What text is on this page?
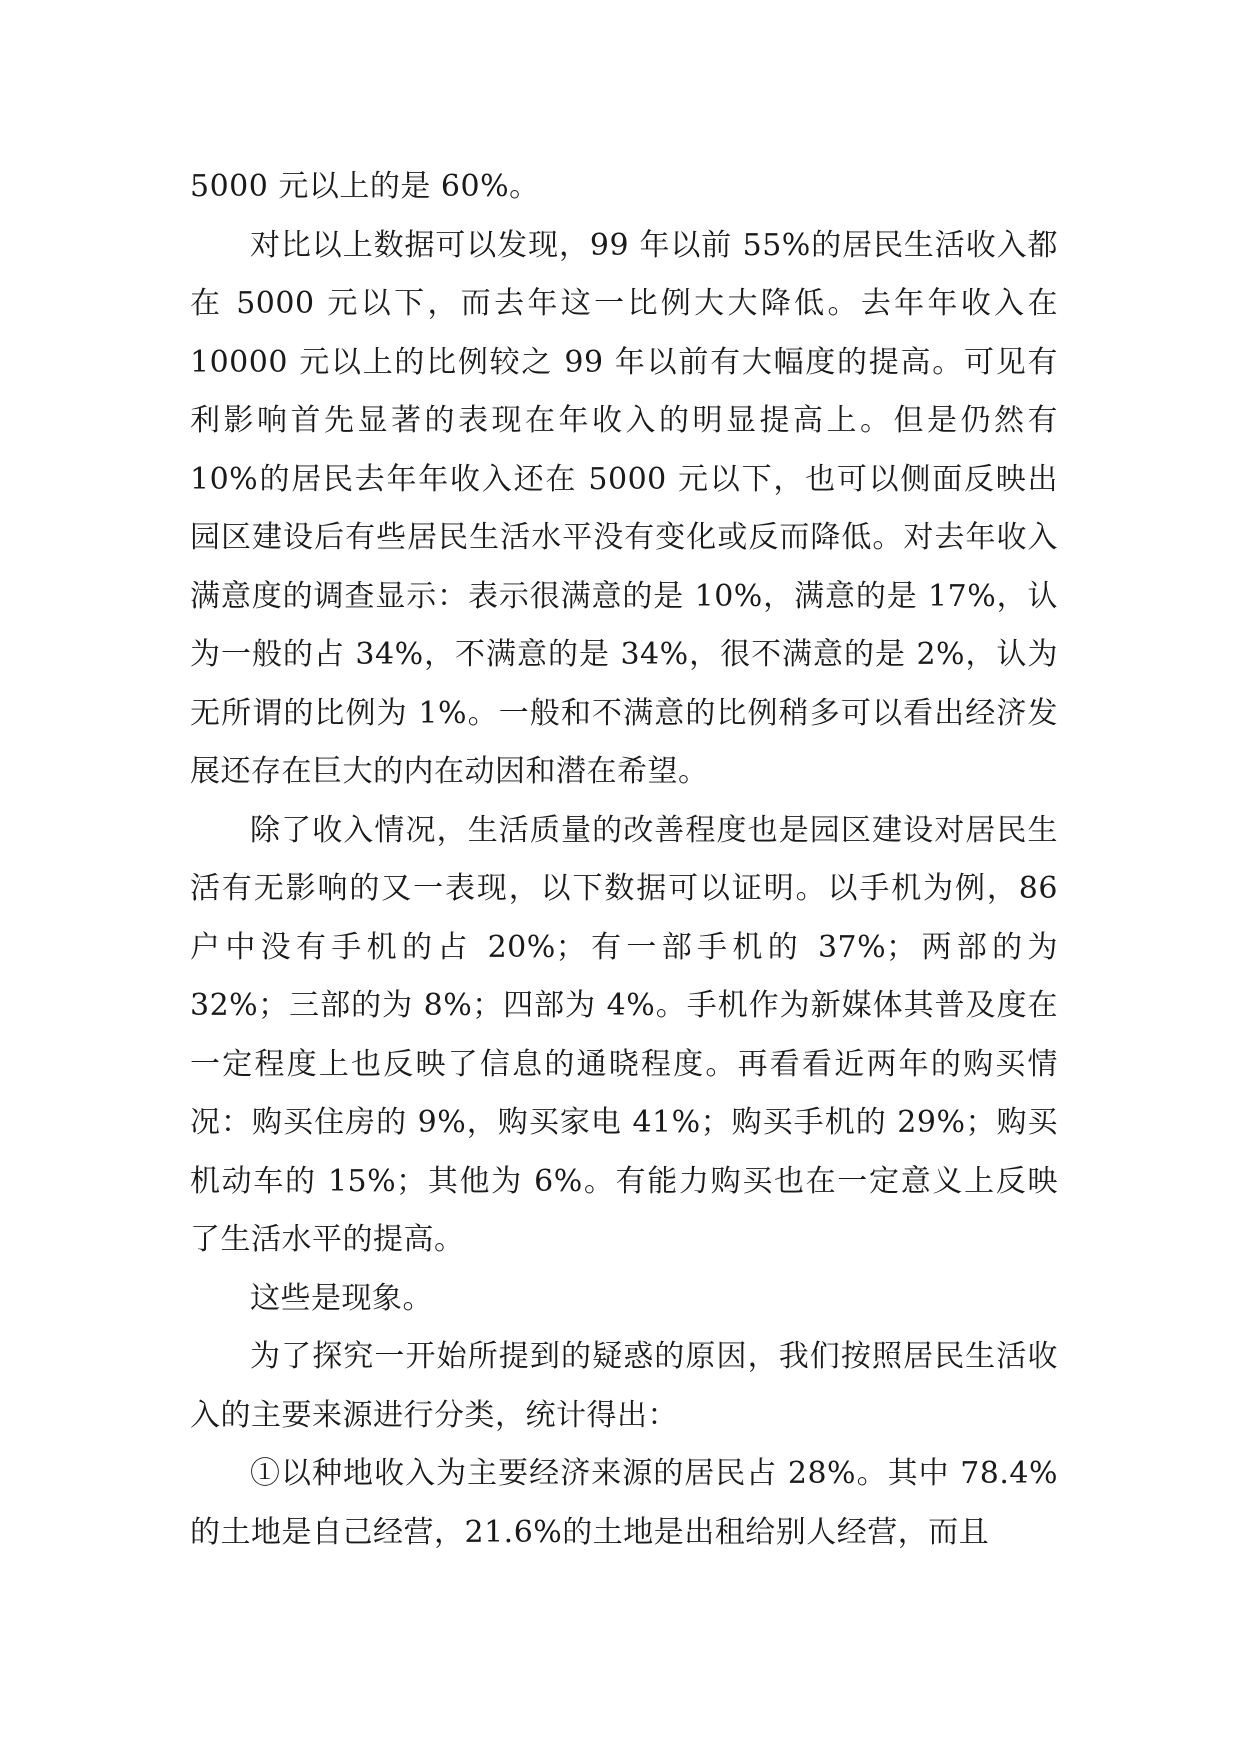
5000 元以上的是 60%。

对比以上数据可以发现，99 年以前 55%的居民生活收入都在 5000 元以下，而去年这一比例大大降低。去年年收入在 10000 元以上的比例较之 99 年以前有大幅度的提高。可见有利影响首先显著的表现在年收入的明显提高上。但是仍然有 10%的居民去年年收入还在 5000 元以下，也可以侧面反映出园区建设后有些居民生活水平没有变化或反而降低。对去年收入满意度的调查显示：表示很满意的是 10%，满意的是 17%，认为一般的占 34%，不满意的是 34%，很不满意的是 2%，认为无所谓的比例为 1%。一般和不满意的比例稍多可以看出经济发展还存在巨大的内在动因和潜在希望。

除了收入情况，生活质量的改善程度也是园区建设对居民生活有无影响的又一表现，以下数据可以证明。以手机为例，86 户中没有手机的占 20%；有一部手机的 37%；两部的为 32%；三部的为 8%；四部为 4%。手机作为新媒体其普及度在一定程度上也反映了信息的通晓程度。再看看近两年的购买情况：购买住房的 9%，购买家电 41%；购买手机的 29%；购买机动车的 15%；其他为 6%。有能力购买也在一定意义上反映了生活水平的提高。

这些是现象。

为了探究一开始所提到的疑惑的原因，我们按照居民生活收入的主要来源进行分类，统计得出：

①以种地收入为主要经济来源的居民占 28%。其中 78.4%的土地是自己经营，21.6%的土地是出租给别人经营，而且
